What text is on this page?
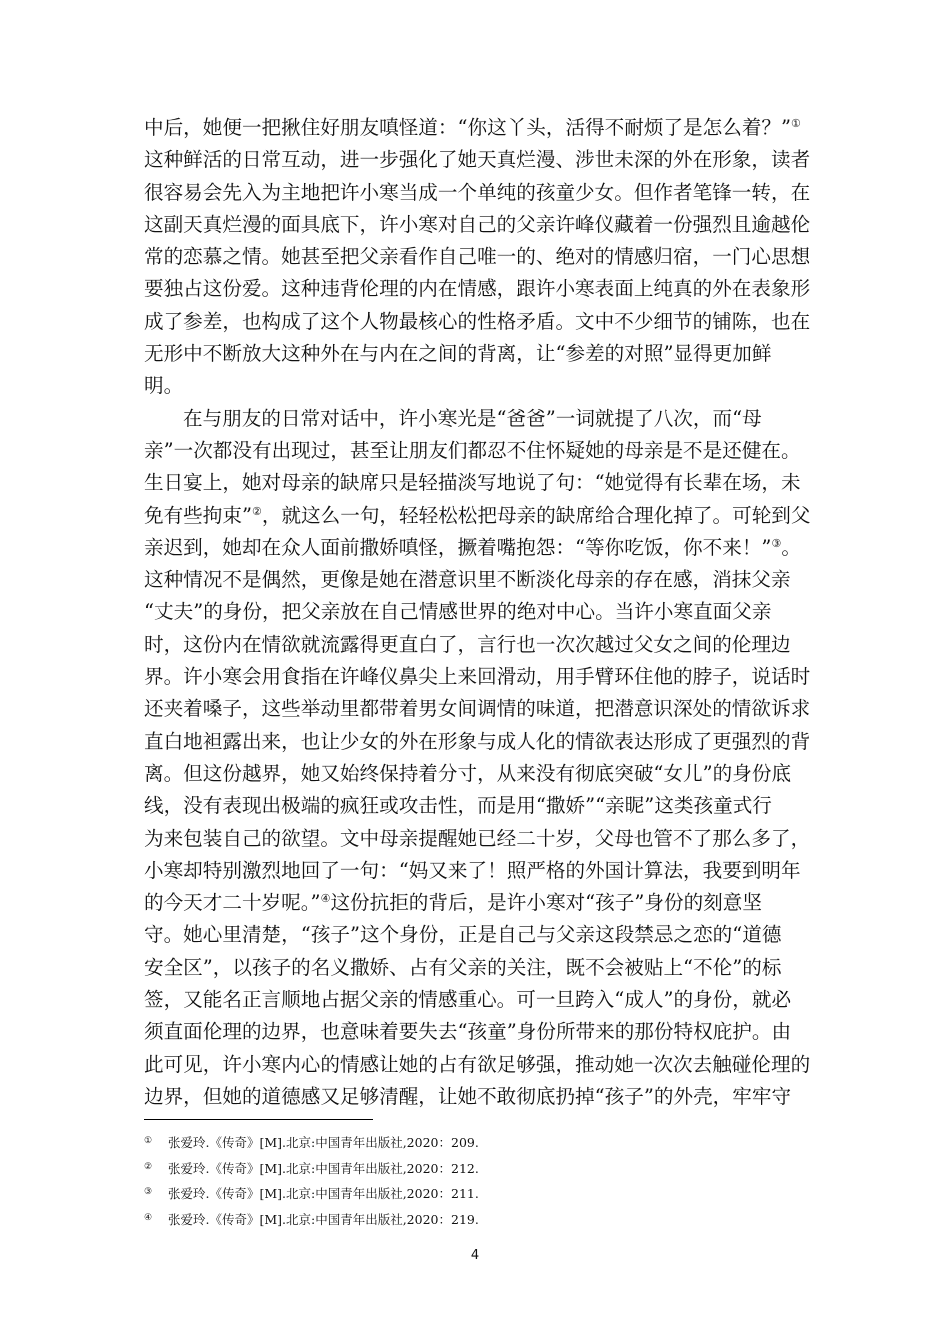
中后，她便一把揪住好朋友嗔怪道：“你这丫头，活得不耐烦了是怎么着？”①
这种鲜活的日常互动，进一步强化了她天真烂漫、涉世未深的外在形象，读者
很容易会先入为主地把许小寒当成一个单纯的孩童少女。但作者笔锋一转，在
这副天真烂漫的面具底下，许小寒对自己的父亲许峰仪藏着一份强烈且逾越伦
常的恋慕之情。她甚至把父亲看作自己唯一的、绝对的情感归宿，一门心思想
要独占这份爱。这种违背伦理的内在情感，跟许小寒表面上纯真的外在表象形
成了参差，也构成了这个人物最核心的性格矛盾。文中不少细节的铺陈，也在
无形中不断放大这种外在与内在之间的背离，让“参差的对照”显得更加鲜
明。
在与朋友的日常对话中，许小寒光是“爸爸”一词就提了八次，而“母
亲”一次都没有出现过，甚至让朋友们都忍不住怀疑她的母亲是不是还健在。
生日宴上，她对母亲的缺席只是轻描淡写地说了句：“她觉得有长辈在场，未
免有些拘束”②，就这么一句，轻轻松松把母亲的缺席给合理化掉了。可轮到父
亲迟到，她却在众人面前撒娇嗔怪，撅着嘴抱怨：“等你吃饭，你不来！”③。
这种情况不是偶然，更像是她在潜意识里不断淡化母亲的存在感，消抹父亲
“丈夫”的身份，把父亲放在自己情感世界的绝对中心。当许小寒直面父亲
时，这份内在情欲就流露得更直白了，言行也一次次越过父女之间的伦理边
界。许小寒会用食指在许峰仪鼻尖上来回滑动，用手臂环住他的脖子，说话时
还夹着嗓子，这些举动里都带着男女间调情的味道，把潜意识深处的情欲诉求
直白地袒露出来，也让少女的外在形象与成人化的情欲表达形成了更强烈的背
离。但这份越界，她又始终保持着分寸，从来没有彻底突破“女儿”的身份底
线，没有表现出极端的疯狂或攻击性，而是用“撒娇”“亲昵”这类孩童式行
为来包装自己的欲望。文中母亲提醒她已经二十岁，父母也管不了那么多了，
小寒却特别激烈地回了一句：“妈又来了！照严格的外国计算法，我要到明年
的今天才二十岁呢。”④这份抗拒的背后，是许小寒对“孩子”身份的刻意坚
守。她心里清楚，“孩子”这个身份，正是自己与父亲这段禁忌之恋的“道德
安全区”，以孩子的名义撒娇、占有父亲的关注，既不会被贴上“不伦”的标
签，又能名正言顺地占据父亲的情感重心。可一旦跨入“成人”的身份，就必
须直面伦理的边界，也意味着要失去“孩童”身份所带来的那份特权庇护。由
此可见，许小寒内心的情感让她的占有欲足够强，推动她一次次去触碰伦理的
边界，但她的道德感又足够清醒，让她不敢彻底扔掉“孩子”的外壳，牢牢守
① 张爱玲.《传奇》[M].北京:中国青年出版社,2020：209.
② 张爱玲.《传奇》[M].北京:中国青年出版社,2020：212.
③ 张爱玲.《传奇》[M].北京:中国青年出版社,2020：211.
④ 张爱玲.《传奇》[M].北京:中国青年出版社,2020：219.
4
